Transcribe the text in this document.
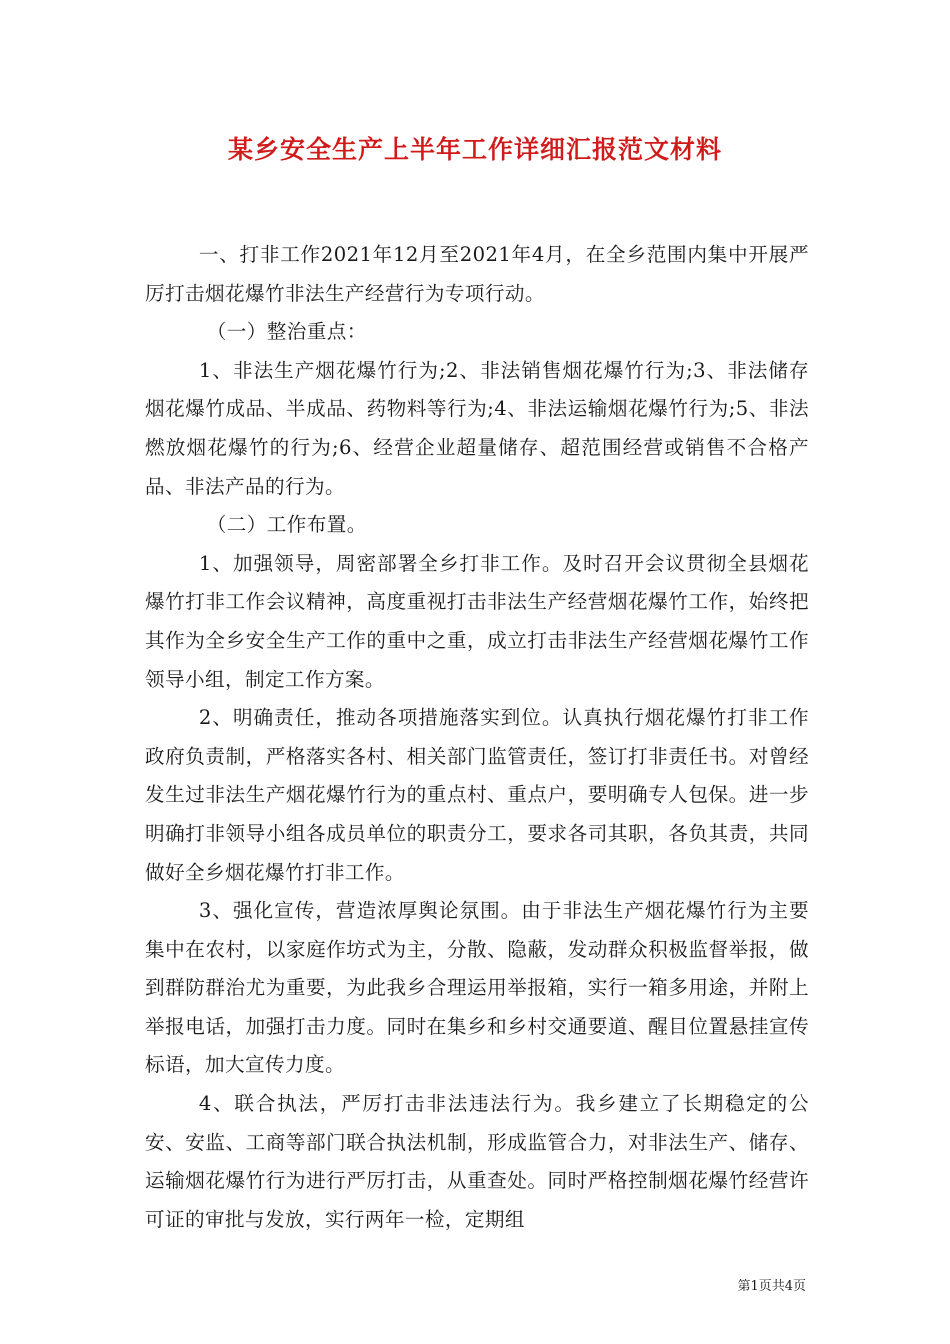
某乡安全生产上半年工作详细汇报范文材料

一、打非工作2021年12月至2021年4月，在全乡范围内集中开展严厉打击烟花爆竹非法生产经营行为专项行动。

（一）整治重点：

1、非法生产烟花爆竹行为;2、非法销售烟花爆竹行为;3、非法储存烟花爆竹成品、半成品、药物料等行为;4、非法运输烟花爆竹行为;5、非法燃放烟花爆竹的行为;6、经营企业超量储存、超范围经营或销售不合格产品、非法产品的行为。

（二）工作布置。

1、加强领导，周密部署全乡打非工作。及时召开会议贯彻全县烟花爆竹打非工作会议精神，高度重视打击非法生产经营烟花爆竹工作，始终把其作为全乡安全生产工作的重中之重，成立打击非法生产经营烟花爆竹工作领导小组，制定工作方案。

2、明确责任，推动各项措施落实到位。认真执行烟花爆竹打非工作政府负责制，严格落实各村、相关部门监管责任，签订打非责任书。对曾经发生过非法生产烟花爆竹行为的重点村、重点户，要明确专人包保。进一步明确打非领导小组各成员单位的职责分工，要求各司其职，各负其责，共同做好全乡烟花爆竹打非工作。

3、强化宣传，营造浓厚舆论氛围。由于非法生产烟花爆竹行为主要集中在农村，以家庭作坊式为主，分散、隐蔽，发动群众积极监督举报，做到群防群治尤为重要，为此我乡合理运用举报箱，实行一箱多用途，并附上举报电话，加强打击力度。同时在集乡和乡村交通要道、醒目位置悬挂宣传标语，加大宣传力度。

4、联合执法，严厉打击非法违法行为。我乡建立了长期稳定的公安、安监、工商等部门联合执法机制，形成监管合力，对非法生产、储存、运输烟花爆竹行为进行严厉打击，从重查处。同时严格控制烟花爆竹经营许可证的审批与发放，实行两年一检，定期组

第1页共4页
